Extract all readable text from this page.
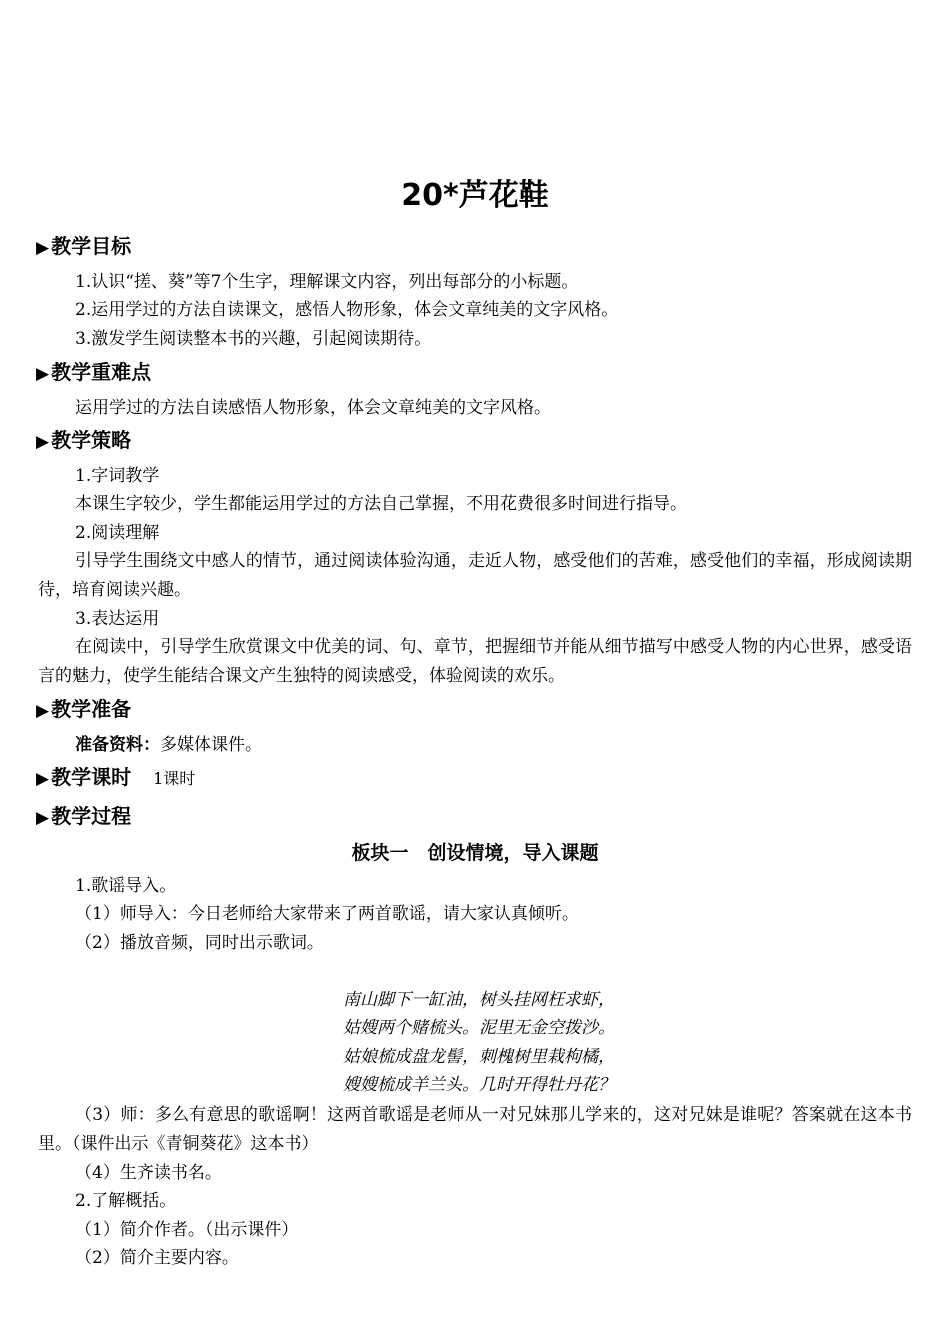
20*芦花鞋
▶ 教学目标
1.认识“搓、葵”等7个生字，理解课文内容，列出每部分的小标题。
2.运用学过的方法自读课文，感悟人物形象，体会文章纯美的文字风格。
3.激发学生阅读整本书的兴趣，引起阅读期待。
▶ 教学重难点
运用学过的方法自读感悟人物形象，体会文章纯美的文字风格。
▶ 教学策略
1.字词教学
本课生字较少，学生都能运用学过的方法自己掌握，不用花费很多时间进行指导。
2.阅读理解
引导学生围绕文中感人的情节，通过阅读体验沟通，走近人物，感受他们的苦难，感受他们的幸福，形成阅读期待，培育阅读兴趣。
3.表达运用
在阅读中，引导学生欣赏课文中优美的词、句、章节，把握细节并能从细节描写中感受人物的内心世界，感受语言的魅力，使学生能结合课文产生独特的阅读感受，体验阅读的欢乐。
▶ 教学准备
准备资料：多媒体课件。
▶ 教学课时 1课时
▶ 教学过程
板块一　创设情境，导入课题
1.歌谣导入。
（1）师导入：今日老师给大家带来了两首歌谣，请大家认真倾听。
（2）播放音频，同时出示歌词。
南山脚下一缸油，树头挂网枉求虾，
姑嫂两个赌梳头。泥里无金空拨沙。
姑娘梳成盘龙髻，刺槐树里栽枸橘，
嫂嫂梳成羊兰头。几时开得牡丹花？
（3）师：多么有意思的歌谣啊！这两首歌谣是老师从一对兄妹那儿学来的，这对兄妹是谁呢？答案就在这本书里。（课件出示《青铜葵花》这本书）
（4）生齐读书名。
2.了解概括。
（1）简介作者。（出示课件）
（2）简介主要内容。
